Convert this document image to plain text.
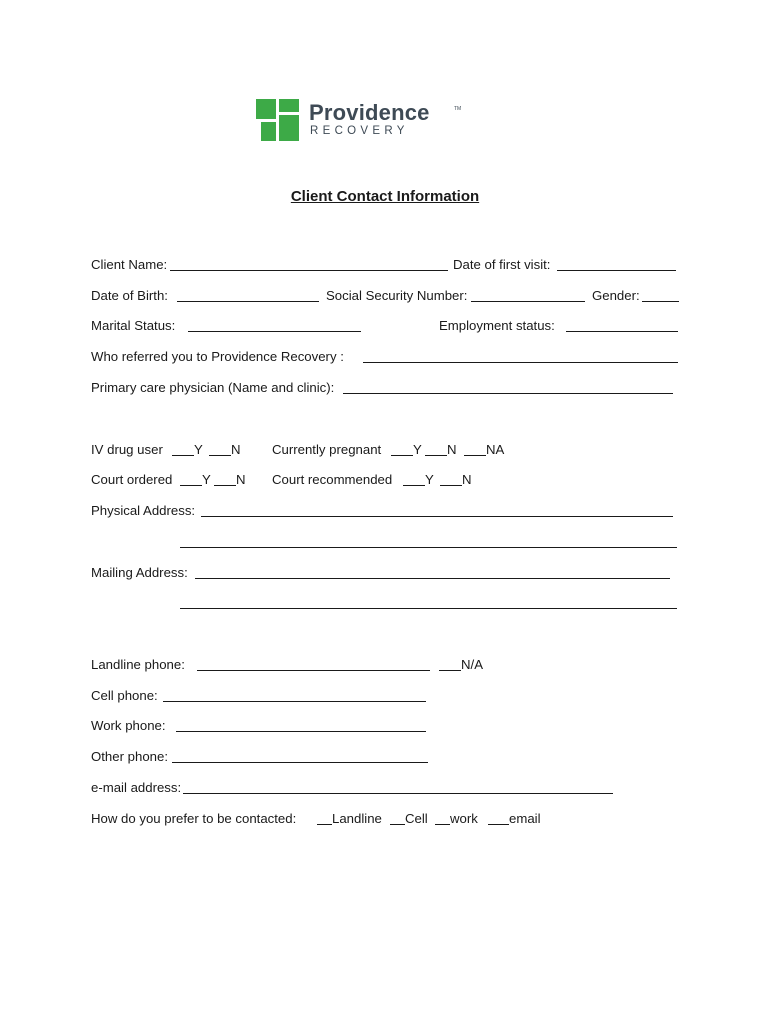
Providence	TM
RECOVERY
Client Contact Information
Client Name:	Date of first visit:
Date of Birth:	Social Security Number:	Gender:
Marital Status:	Employment status:
Who referred you to Providence Recovery :
Primary care physician (Name and clinic):
IV drug user Y N Currently pregnant Y N NA
Court ordered Y N Court recommended Y N
Physical Address:
Mailing Address:
Landline phone:	N/A
Cell phone:
Work phone:
Other phone:
e-mail address:
How do you prefer to be contacted:	Landline Cell work email
